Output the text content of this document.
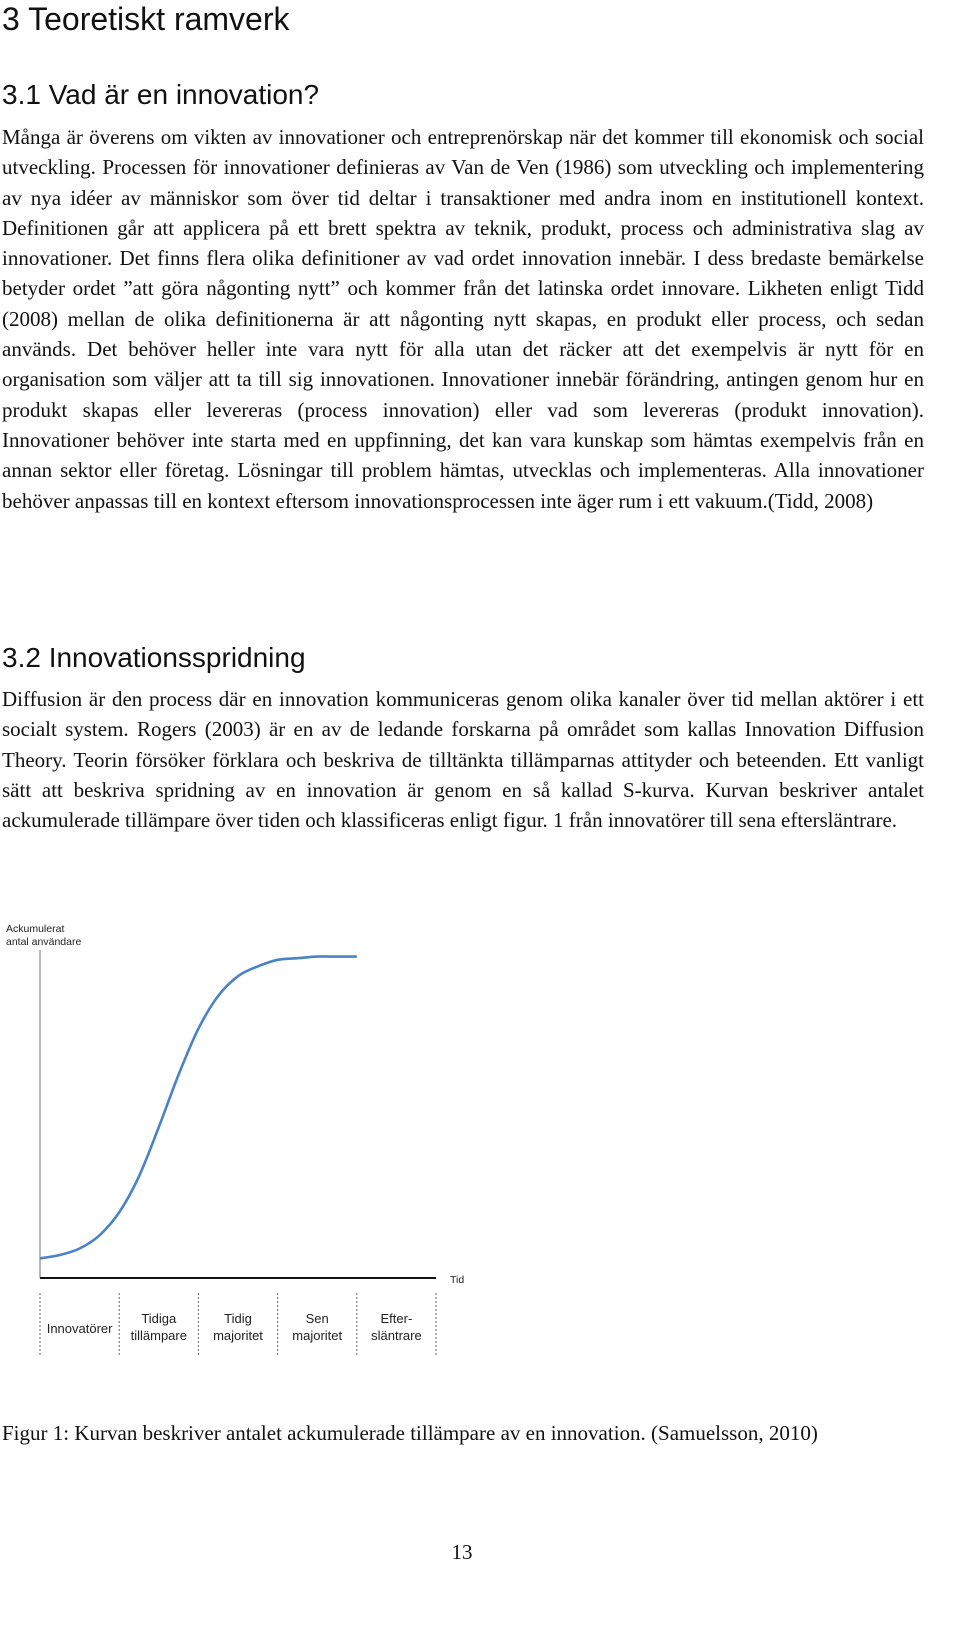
3 Teoretiskt ramverk
3.1 Vad är en innovation?

Många är överens om vikten av innovationer och entreprenörskap när det kommer till ekonomisk och social utveckling. Processen för innovationer definieras av Van de Ven (1986) som utveckling och implementering av nya idéer av människor som över tid deltar i transaktioner med andra inom en institutionell kontext. Definitionen går att applicera på ett brett spektra av teknik, produkt, process och administrativa slag av innovationer. Det finns flera olika definitioner av vad ordet innovation innebär. I dess bredaste bemärkelse betyder ordet ”att göra någonting nytt” och kommer från det latinska ordet innovare. Likheten enligt Tidd (2008) mellan de olika definitionerna är att någonting nytt skapas, en produkt eller process, och sedan används. Det behöver heller inte vara nytt för alla utan det räcker att det exempelvis är nytt för en organisation som väljer att ta till sig innovationen. Innovationer innebär förändring, antingen genom hur en produkt skapas eller levereras (process innovation) eller vad som levereras (produkt innovation). Innovationer behöver inte starta med en uppfinning, det kan vara kunskap som hämtas exempelvis från en annan sektor eller företag. Lösningar till problem hämtas, utvecklas och implementeras. Alla innovationer behöver anpassas till en kontext eftersom innovationsprocessen inte äger rum i ett vakuum.(Tidd, 2008)

3.2 Innovationsspridning

Diffusion är den process där en innovation kommuniceras genom olika kanaler över tid mellan aktörer i ett socialt system. Rogers (2003) är en av de ledande forskarna på området som kallas Innovation Diffusion Theory. Teorin försöker förklara och beskriva de tilltänkta tillämparnas attityder och beteenden. Ett vanligt sätt att beskriva spridning av en innovation är genom en så kallad S-kurva. Kurvan beskriver antalet ackumulerade tillämpare över tiden och klassificeras enligt figur. 1 från innovatörer till sena eftersläntrare.

Ackumulerat
antal användare
Tid
Innovatörer
Tidiga tillämpare
Tidig majoritet
Sen majoritet
Efter-släntrare

Figur 1: Kurvan beskriver antalet ackumulerade tillämpare av en innovation. (Samuelsson, 2010)

13
